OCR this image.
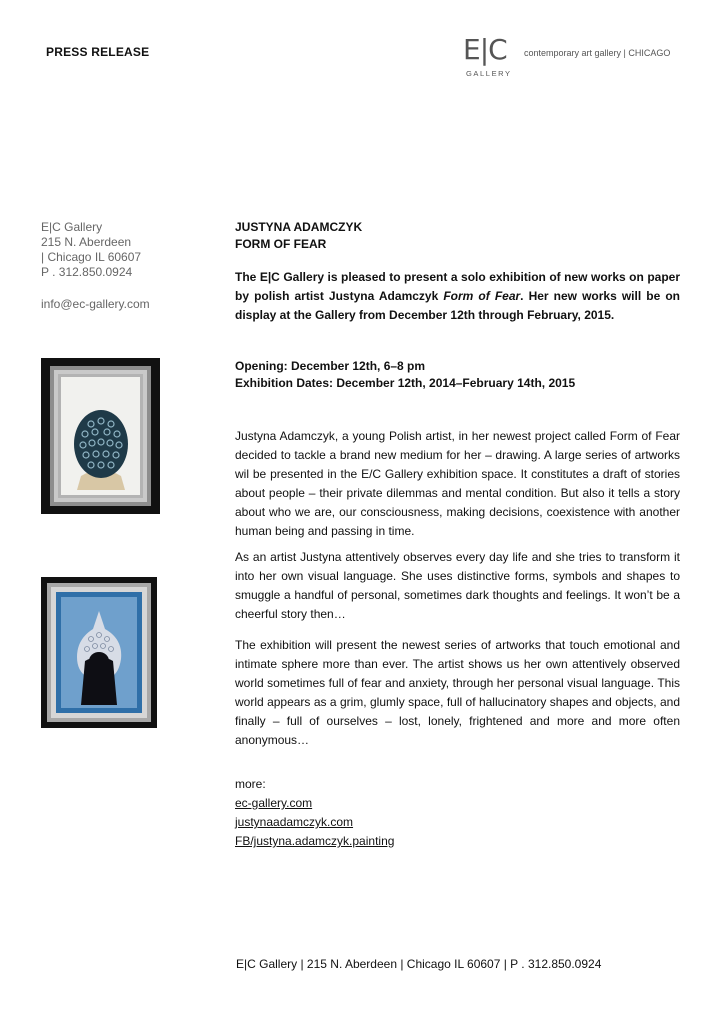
PRESS RELEASE	E|C
GALLERY
contemporary art gallery | CHICAGO
E|C Gallery
215 N. Aberdeen
| Chicago IL 60607
P . 312.850.0924
info@ec-gallery.com
JUSTYNA ADAMCZYK
FORM OF FEAR
The E|C Gallery is pleased to present a solo exhibition of new works on paper by polish artist Justyna Adamczyk Form of Fear. Her new works will be on display at the Gallery from December 12th through February, 2015.
Opening: December 12th, 6–8 pm
Exhibition Dates: December 12th, 2014–February 14th, 2015
Justyna Adamczyk, a young Polish artist, in her newest project called Form of Fear decided to tackle a brand new medium for her – drawing. A large series of artworks wil be presented in the E/C Gallery exhibition space. It constitutes a draft of stories about people – their private dilemmas and mental condition. But also it tells a story about who we are, our consciousness, making decisions, coexistence with another human being and passing in time.
As an artist Justyna attentively observes every day life and she tries to transform it into her own visual language. She uses distinctive forms, symbols and shapes to smuggle a handful of personal, sometimes dark thoughts and feelings. It won’t be a cheerful story then…
The exhibition will present the newest series of artworks that touch emotional and intimate sphere more than ever. The artist shows us her own attentively observed world sometimes full of fear and anxiety, through her personal visual language. This world appears as a grim, glumly space, full of hallucinatory shapes and objects, and finally – full of ourselves – lost, lonely, frightened and more and more often anonymous…
more:
ec-gallery.com
justynaadamczyk.com
FB/justyna.adamczyk.painting
E|C Gallery | 215 N. Aberdeen | Chicago IL 60607 | P . 312.850.0924
